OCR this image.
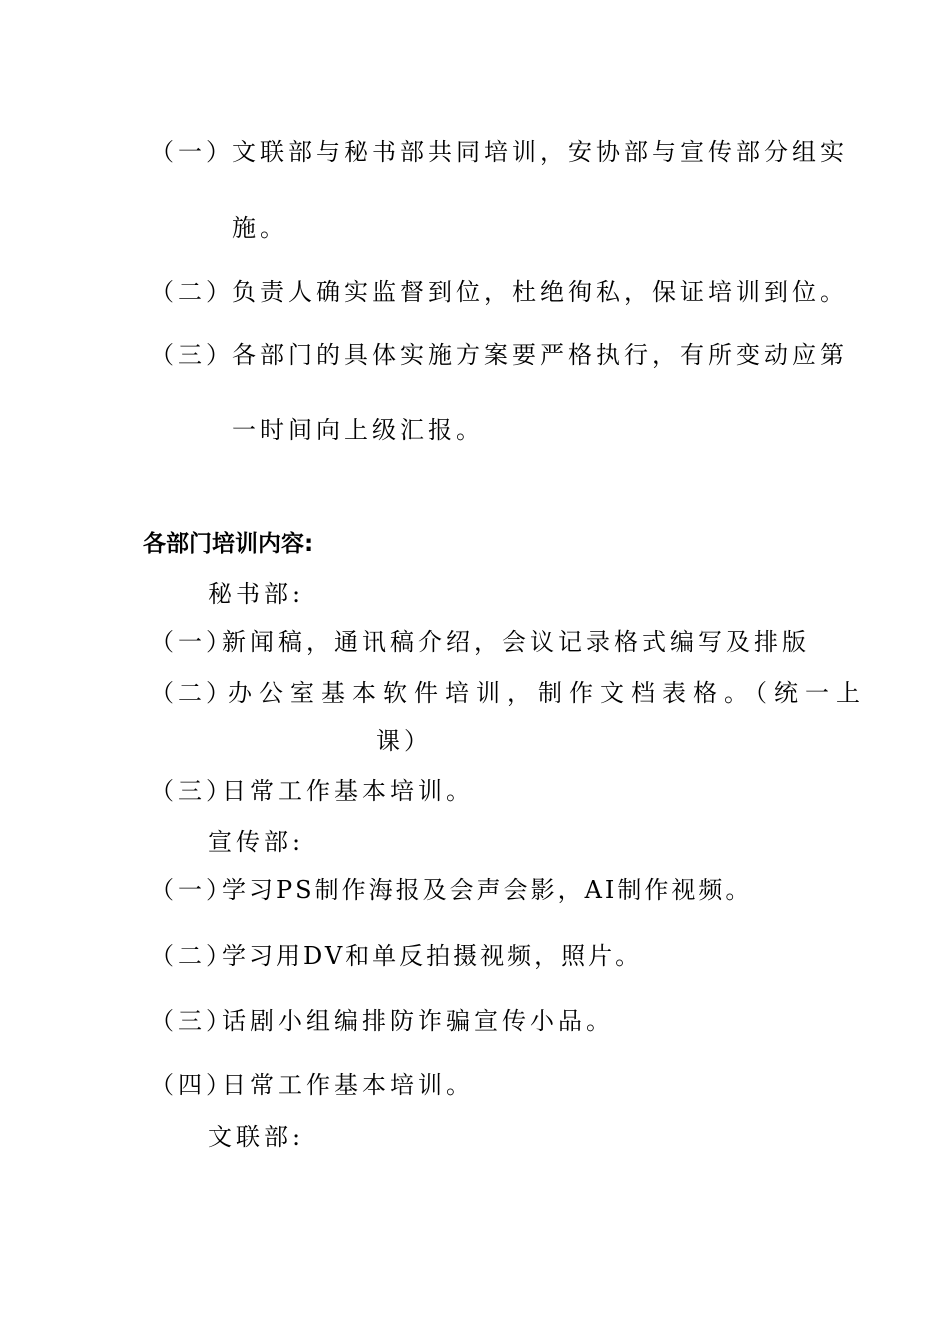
（一）文联部与秘书部共同培训，安协部与宣传部分组实
施。
（二）负责人确实监督到位，杜绝徇私，保证培训到位。
（三）各部门的具体实施方案要严格执行，有所变动应第
一时间向上级汇报。
各部门培训内容:
秘书部:
（一）新闻稿，通讯稿介绍，会议记录格式编写及排版
（二）办公室基本软件培训，制作文档表格。（统一上
课）
（三）日常工作基本培训。
宣传部:
（一）学习PS制作海报及会声会影，AI制作视频。
（二）学习用DV和单反拍摄视频，照片。
（三）话剧小组编排防诈骗宣传小品。
（四）日常工作基本培训。
文联部:
